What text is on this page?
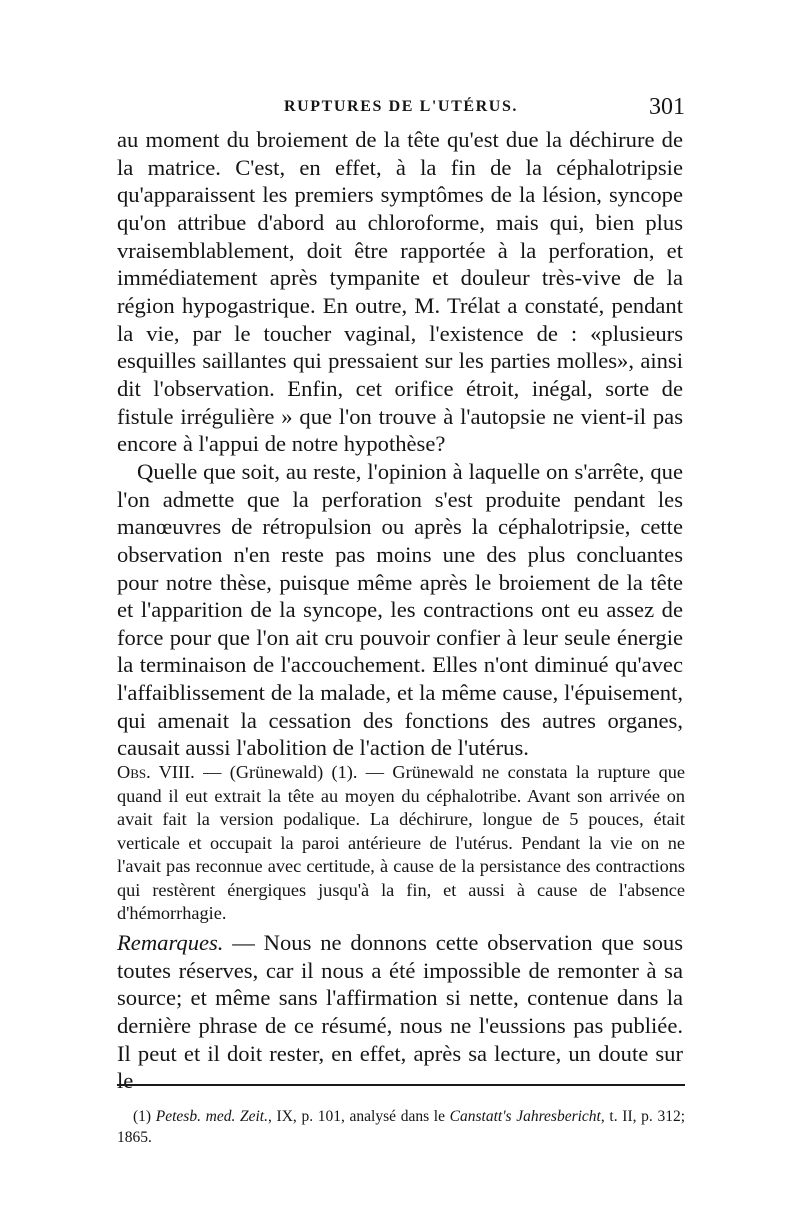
RUPTURES DE L'UTÉRUS.	301

au moment du broiement de la tête qu'est due la déchirure de la matrice. C'est, en effet, à la fin de la céphalotripsie qu'apparaissent les premiers symptômes de la lésion, syncope qu'on attribue d'abord au chloroforme, mais qui, bien plus vraisemblablement, doit être rapportée à la perforation, et immédiatement après tympanite et douleur très-vive de la région hypogastrique. En outre, M. Trélat a constaté, pendant la vie, par le toucher vaginal, l'existence de : «plusieurs esquilles saillantes qui pressaient sur les parties molles», ainsi dit l'observation. Enfin, cet orifice étroit, inégal, sorte de fistule irrégulière » que l'on trouve à l'autopsie ne vient-il pas encore à l'appui de notre hypothèse?

Quelle que soit, au reste, l'opinion à laquelle on s'arrête, que l'on admette que la perforation s'est produite pendant les manœuvres de rétropulsion ou après la céphalotripsie, cette observation n'en reste pas moins une des plus concluantes pour notre thèse, puisque même après le broiement de la tête et l'apparition de la syncope, les contractions ont eu assez de force pour que l'on ait cru pouvoir confier à leur seule énergie la terminaison de l'accouchement. Elles n'ont diminué qu'avec l'affaiblissement de la malade, et la même cause, l'épuisement, qui amenait la cessation des fonctions des autres organes, causait aussi l'abolition de l'action de l'utérus.

Obs. VIII. — (Grünewald) (1). — Grünewald ne constata la rupture que quand il eut extrait la tête au moyen du céphalotribe. Avant son arrivée on avait fait la version podalique. La déchirure, longue de 5 pouces, était verticale et occupait la paroi antérieure de l'utérus. Pendant la vie on ne l'avait pas reconnue avec certitude, à cause de la persistance des contractions qui restèrent énergiques jusqu'à la fin, et aussi à cause de l'absence d'hémorrhagie.

Remarques. — Nous ne donnons cette observation que sous toutes réserves, car il nous a été impossible de remonter à sa source; et même sans l'affirmation si nette, contenue dans la dernière phrase de ce résumé, nous ne l'eussions pas publiée. Il peut et il doit rester, en effet, après sa lecture, un doute sur le

(1) Petesb. med. Zeit., IX, p. 101, analysé dans le Canstatt's Jahresbericht, t. II, p. 312; 1865.
